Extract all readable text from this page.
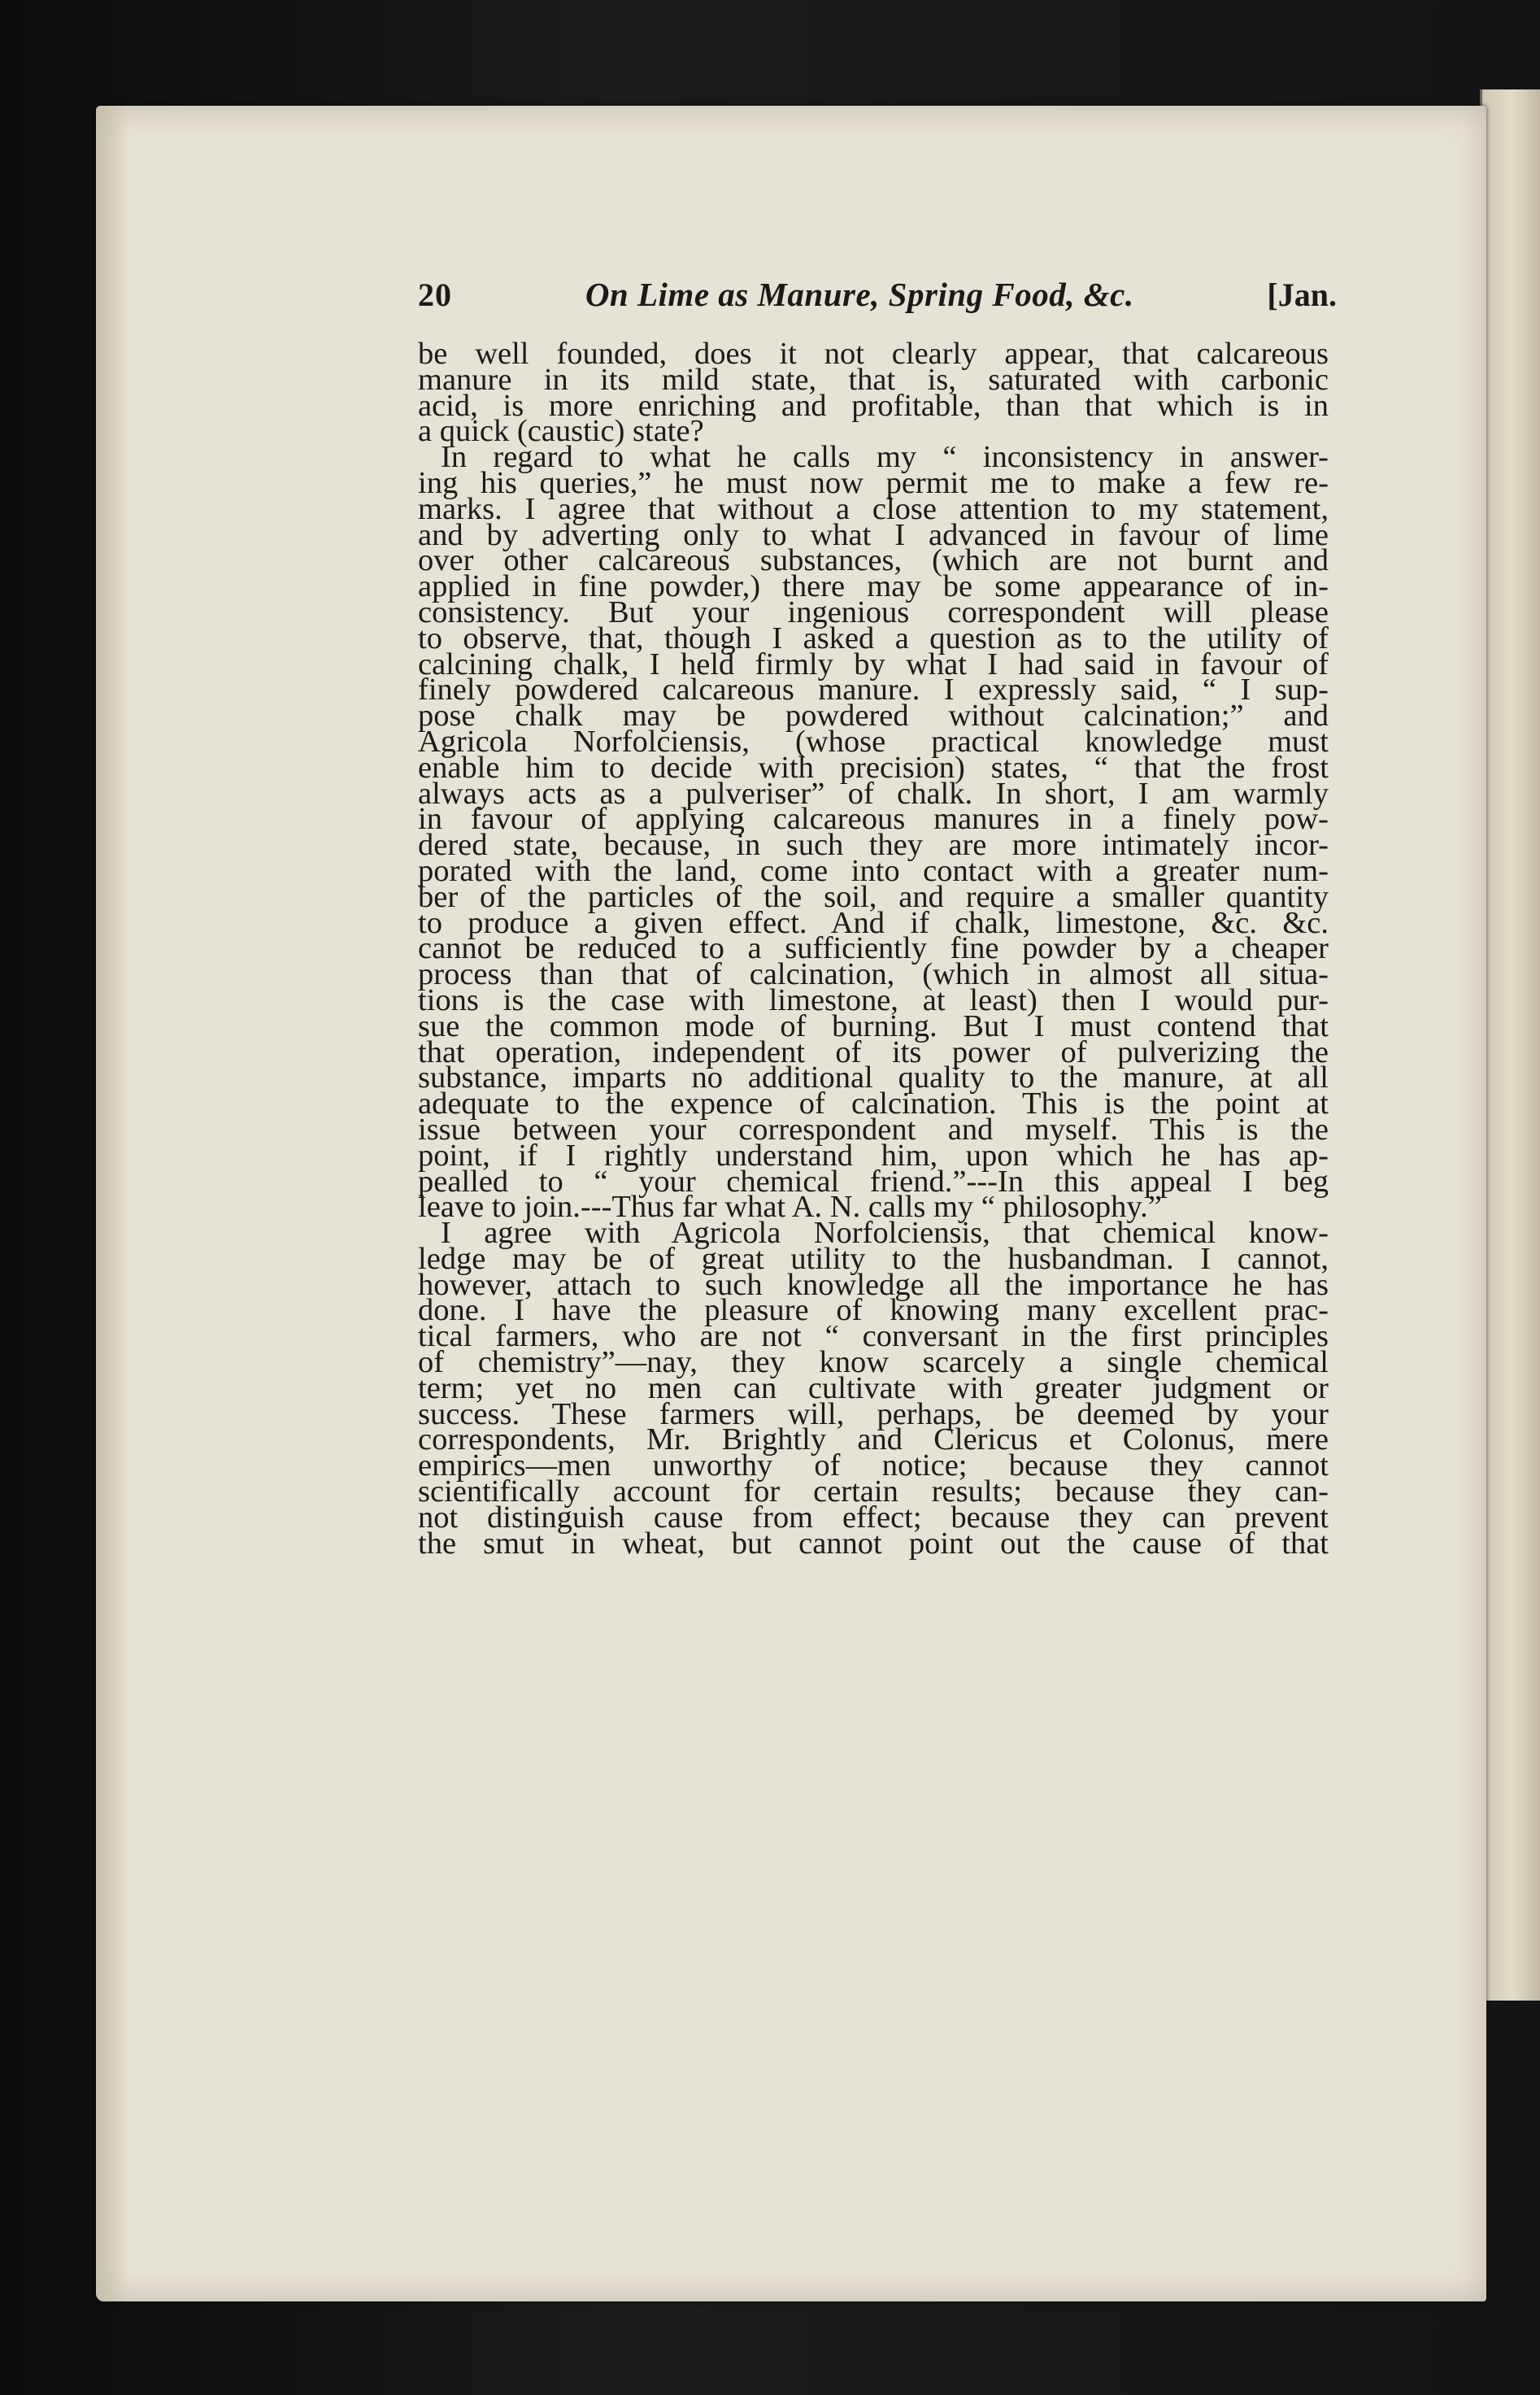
20	On Lime as Manure, Spring Food, &c.	[Jan.
be well founded, does it not clearly appear, that calcareous
manure in its mild state, that is, saturated with carbonic
acid, is more enriching and profitable, than that which is in
a quick (caustic) state?
In regard to what he calls my “ inconsistency in answer-
ing his queries,” he must now permit me to make a few re-
marks. I agree that without a close attention to my statement,
and by adverting only to what I advanced in favour of lime
over other calcareous substances, (which are not burnt and
applied in fine powder,) there may be some appearance of in-
consistency. But your ingenious correspondent will please
to observe, that, though I asked a question as to the utility of
calcining chalk, I held firmly by what I had said in favour of
finely powdered calcareous manure. I expressly said, “ I sup-
pose chalk may be powdered without calcination;” and
Agricola Norfolciensis, (whose practical knowledge must
enable him to decide with precision) states, “ that the frost
always acts as a pulveriser” of chalk. In short, I am warmly
in favour of applying calcareous manures in a finely pow-
dered state, because, in such they are more intimately incor-
porated with the land, come into contact with a greater num-
ber of the particles of the soil, and require a smaller quantity
to produce a given effect. And if chalk, limestone, &c. &c.
cannot be reduced to a sufficiently fine powder by a cheaper
process than that of calcination, (which in almost all situa-
tions is the case with limestone, at least) then I would pur-
sue the common mode of burning. But I must contend that
that operation, independent of its power of pulverizing the
substance, imparts no additional quality to the manure, at all
adequate to the expence of calcination. This is the point at
issue between your correspondent and myself. This is the
point, if I rightly understand him, upon which he has ap-
pealled to “ your chemical friend.”---In this appeal I beg
leave to join.---Thus far what A. N. calls my “ philosophy.”
I agree with Agricola Norfolciensis, that chemical know-
ledge may be of great utility to the husbandman. I cannot,
however, attach to such knowledge all the importance he has
done. I have the pleasure of knowing many excellent prac-
tical farmers, who are not “ conversant in the first principles
of chemistry”—nay, they know scarcely a single chemical
term; yet no men can cultivate with greater judgment or
success. These farmers will, perhaps, be deemed by your
correspondents, Mr. Brightly and Clericus et Colonus, mere
empirics—men unworthy of notice; because they cannot
scientifically account for certain results; because they can-
not distinguish cause from effect; because they can prevent
the smut in wheat, but cannot point out the cause of that
